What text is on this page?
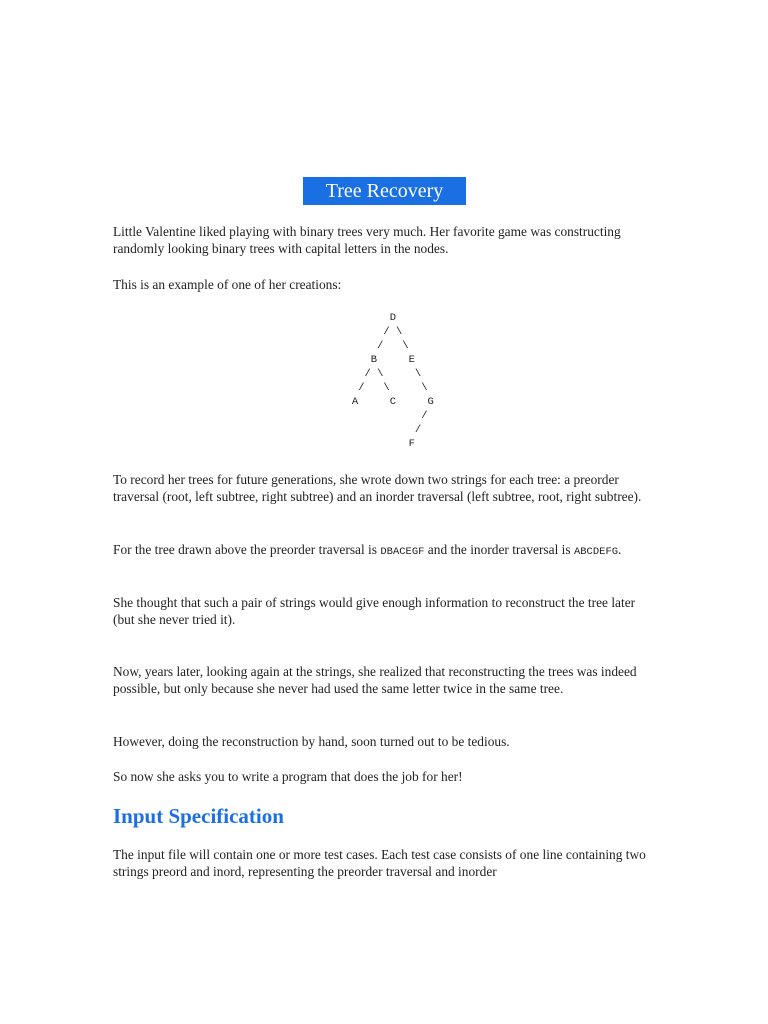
Tree Recovery

Little Valentine liked playing with binary trees very much. Her favorite game was constructing randomly looking binary trees with capital letters in the nodes.

This is an example of one of her creations:

D
/ \
/   \
B     E
/ \     \
/   \     \
A     C     G
/
/
F

To record her trees for future generations, she wrote down two strings for each tree: a preorder traversal (root, left subtree, right subtree) and an inorder traversal (left subtree, root, right subtree).

For the tree drawn above the preorder traversal is DBACEGF and the inorder traversal is ABCDEFG.

She thought that such a pair of strings would give enough information to reconstruct the tree later (but she never tried it).

Now, years later, looking again at the strings, she realized that reconstructing the trees was indeed possible, but only because she never had used the same letter twice in the same tree.

However, doing the reconstruction by hand, soon turned out to be tedious.

So now she asks you to write a program that does the job for her!

Input Specification

The input file will contain one or more test cases. Each test case consists of one line containing two strings preord and inord, representing the preorder traversal and inorder
